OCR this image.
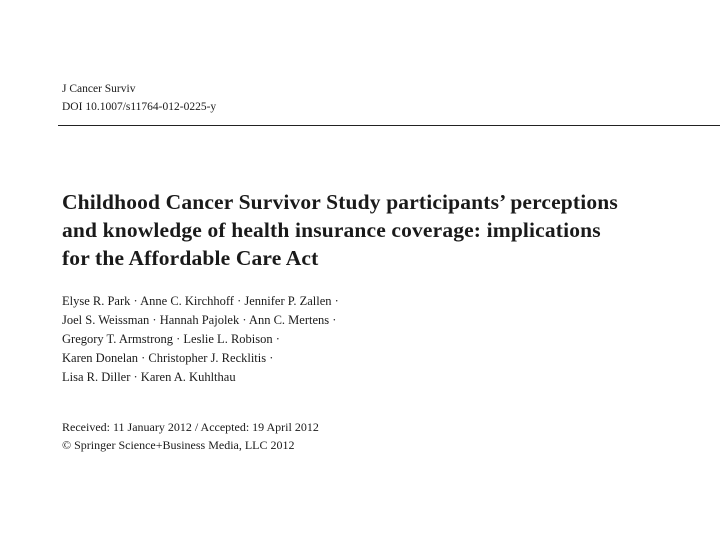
J Cancer Surviv
DOI 10.1007/s11764-012-0225-y
Childhood Cancer Survivor Study participants’ perceptions
and knowledge of health insurance coverage: implications
for the Affordable Care Act
Elyse R. Park · Anne C. Kirchhoff · Jennifer P. Zallen ·
Joel S. Weissman · Hannah Pajolek · Ann C. Mertens ·
Gregory T. Armstrong · Leslie L. Robison ·
Karen Donelan · Christopher J. Recklitis ·
Lisa R. Diller · Karen A. Kuhlthau
Received: 11 January 2012 / Accepted: 19 April 2012
© Springer Science+Business Media, LLC 2012
